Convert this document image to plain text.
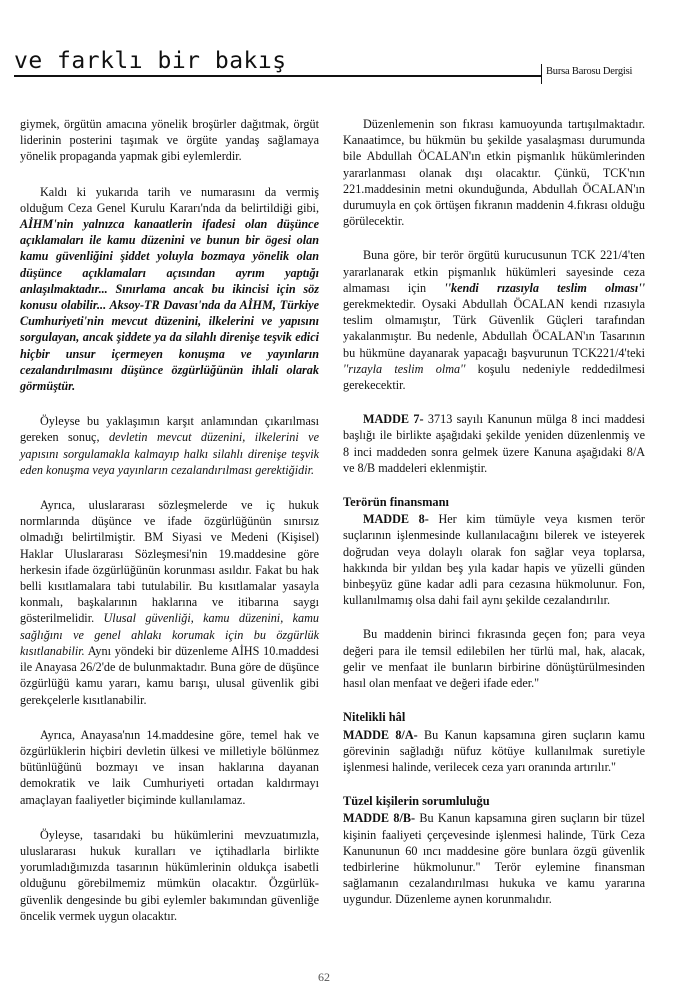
ve farklı bir bakış	Bursa Barosu Dergisi

giymek, örgütün amacına yönelik broşürler dağıtmak, örgüt liderinin posterini taşımak ve örgüte yandaş sağlamaya yönelik propaganda yapmak gibi eylemlerdir.

Kaldı ki yukarıda tarih ve numarasını da vermiş olduğum Ceza Genel Kurulu Kararı'nda da belirtildiği gibi, AİHM'nin yalnızca kanaatlerin ifadesi olan düşünce açıklamaları ile kamu düzenini ve bunun bir ögesi olan kamu güvenliğini şiddet yoluyla bozmaya yönelik olan düşünce açıklamaları açısından ayrım yaptığı anlaşılmaktadır... Sınırlama ancak bu ikincisi için söz konusu olabilir... Aksoy-TR Davası'nda da AİHM, Türkiye Cumhuriyeti'nin mevcut düzenini, ilkelerini ve yapısını sorgulayan, ancak şiddete ya da silahlı direnişe teşvik edici hiçbir unsur içermeyen konuşma ve yayınların cezalandırılmasını düşünce özgürlüğünün ihlali olarak görmüştür.

Öyleyse bu yaklaşımın karşıt anlamından çıkarılması gereken sonuç, devletin mevcut düzenini, ilkelerini ve yapısını sorgulamakla kalmayıp halkı silahlı direnişe teşvik eden konuşma veya yayınların cezalandırılması gerektiğidir.

Ayrıca, uluslararası sözleşmelerde ve iç hukuk normlarında düşünce ve ifade özgürlüğünün sınırsız olmadığı belirtilmiştir. BM Siyasi ve Medeni (Kişisel) Haklar Uluslararası Sözleşmesi'nin 19.maddesine göre herkesin ifade özgürlüğünün korunması asıldır. Fakat bu hak belli kısıtlamalara tabi tutulabilir. Bu kısıtlamalar yasayla konmalı, başkalarının haklarına ve itibarına saygı gösterilmelidir. Ulusal güvenliği, kamu düzenini, kamu sağlığını ve genel ahlakı korumak için bu özgürlük kısıtlanabilir. Aynı yöndeki bir düzenleme AİHS 10.maddesi ile Anayasa 26/2'de de bulunmaktadır. Buna göre de düşünce özgürlüğü kamu yararı, kamu barışı, ulusal güvenlik gibi gerekçelerle kısıtlanabilir.

Ayrıca, Anayasa'nın 14.maddesine göre, temel hak ve özgürlüklerin hiçbiri devletin ülkesi ve milletiyle bölünmez bütünlüğünü bozmayı ve insan haklarına dayanan demokratik ve laik Cumhuriyeti ortadan kaldırmayı amaçlayan faaliyetler biçiminde kullanılamaz.

Öyleyse, tasarıdaki bu hükümlerini mevzuatımızla, uluslararası hukuk kuralları ve içtihadlarla birlikte yorumladığımızda tasarının hükümlerinin oldukça isabetli olduğunu görebilmemiz mümkün olacaktır. Özgürlük-güvenlik dengesinde bu gibi eylemler bakımından güvenliğe öncelik vermek uygun olacaktır.

Düzenlemenin son fıkrası kamuoyunda tartışılmaktadır. Kanaatimce, bu hükmün bu şekilde yasalaşması durumunda bile Abdullah ÖCALAN'ın etkin pişmanlık hükümlerinden yararlanması olanak dışı olacaktır. Çünkü, TCK'nın 221.maddesinin metni okunduğunda, Abdullah ÖCALAN'ın durumuyla en çok örtüşen fıkranın maddenin 4.fıkrası olduğu görülecektir.

Buna göre, bir terör örgütü kurucusunun TCK 221/4'ten yararlanarak etkin pişmanlık hükümleri sayesinde ceza almaması için ''kendi rızasıyla teslim olması'' gerekmektedir. Oysaki Abdullah ÖCALAN kendi rızasıyla teslim olmamıştır, Türk Güvenlik Güçleri tarafından yakalanmıştır. Bu nedenle, Abdullah ÖCALAN'ın Tasarının bu hükmüne dayanarak yapacağı başvurunun TCK221/4'teki ''rızayla teslim olma'' koşulu nedeniyle reddedilmesi gerekecektir.

MADDE 7- 3713 sayılı Kanunun mülga 8 inci maddesi başlığı ile birlikte aşağıdaki şekilde yeniden düzenlenmiş ve 8 inci maddeden sonra gelmek üzere Kanuna aşağıdaki 8/A ve 8/B maddeleri eklenmiştir.

Terörün finansmanı

MADDE 8- Her kim tümüyle veya kısmen terör suçlarının işlenmesinde kullanılacağını bilerek ve isteyerek doğrudan veya dolaylı olarak fon sağlar veya toplarsa, hakkında bir yıldan beş yıla kadar hapis ve yüzelli günden binbeşyüz güne kadar adli para cezasına hükmolunur. Fon, kullanılmamış olsa dahi fail aynı şekilde cezalandırılır.

Bu maddenin birinci fıkrasında geçen fon; para veya değeri para ile temsil edilebilen her türlü mal, hak, alacak, gelir ve menfaat ile bunların birbirine dönüştürülmesinden hasıl olan menfaat ve değeri ifade eder."

Nitelikli hâl

MADDE 8/A- Bu Kanun kapsamına giren suçların kamu görevinin sağladığı nüfuz kötüye kullanılmak suretiyle işlenmesi halinde, verilecek ceza yarı oranında artırılır."

Tüzel kişilerin sorumluluğu

MADDE 8/B- Bu Kanun kapsamına giren suçların bir tüzel kişinin faaliyeti çerçevesinde işlenmesi halinde, Türk Ceza Kanununun 60 ıncı maddesine göre bunlara özgü güvenlik tedbirlerine hükmolunur." Terör eylemine finansman sağlamanın cezalandırılması hukuka ve kamu yararına uygundur. Düzenleme aynen korunmalıdır.

62
